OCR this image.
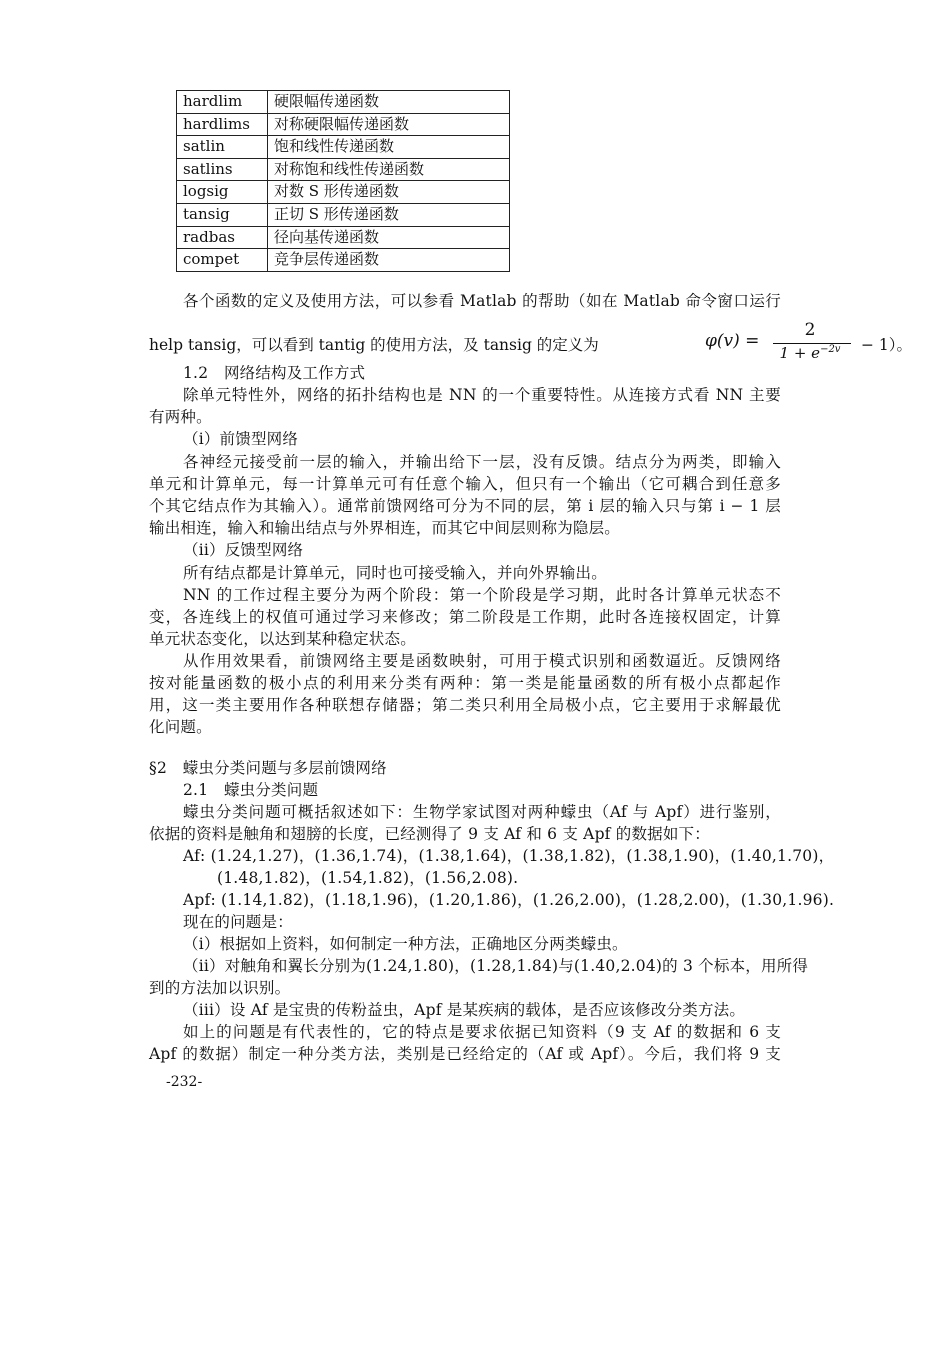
hardlim	硬限幅传递函数
hardlims	对称硬限幅传递函数
satlin	饱和线性传递函数
satlins	对称饱和线性传递函数
logsig	对数 S 形传递函数
tansig	正切 S 形传递函数
radbas	径向基传递函数
compet	竞争层传递函数
各个函数的定义及使用方法，可以参看 Matlab 的帮助（如在 Matlab 命令窗口运行
help tansig，可以看到 tantig 的使用方法，及 tansig 的定义为	φ(v) =
2
$1 + e^{-2v}$	− 1）。
1.2　网络结构及工作方式
除单元特性外，网络的拓扑结构也是 NN 的一个重要特性。从连接方式看 NN 主要
有两种。
（i）前馈型网络
各神经元接受前一层的输入，并输出给下一层，没有反馈。结点分为两类，即输入
单元和计算单元，每一计算单元可有任意个输入，但只有一个输出（它可耦合到任意多
个其它结点作为其输入）。通常前馈网络可分为不同的层，第 i 层的输入只与第 i − 1 层
输出相连，输入和输出结点与外界相连，而其它中间层则称为隐层。
（ii）反馈型网络
所有结点都是计算单元，同时也可接受输入，并向外界输出。
NN 的工作过程主要分为两个阶段：第一个阶段是学习期，此时各计算单元状态不
变，各连线上的权值可通过学习来修改；第二阶段是工作期，此时各连接权固定，计算
单元状态变化，以达到某种稳定状态。
从作用效果看，前馈网络主要是函数映射，可用于模式识别和函数逼近。反馈网络
按对能量函数的极小点的利用来分类有两种：第一类是能量函数的所有极小点都起作
用，这一类主要用作各种联想存储器；第二类只利用全局极小点，它主要用于求解最优
化问题。
§2　蠓虫分类问题与多层前馈网络
2.1　蠓虫分类问题
蠓虫分类问题可概括叙述如下：生物学家试图对两种蠓虫（Af 与 Apf）进行鉴别，
依据的资料是触角和翅膀的长度，已经测得了 9 支 Af 和 6 支 Apf 的数据如下：
Af: (1.24,1.27)，(1.36,1.74)，(1.38,1.64)，(1.38,1.82)，(1.38,1.90)，(1.40,1.70)，
(1.48,1.82)，(1.54,1.82)，(1.56,2.08).
Apf: (1.14,1.82)，(1.18,1.96)，(1.20,1.86)，(1.26,2.00)，(1.28,2.00)，(1.30,1.96).
现在的问题是：
（i）根据如上资料，如何制定一种方法，正确地区分两类蠓虫。
（ii）对触角和翼长分别为(1.24,1.80)，(1.28,1.84)与(1.40,2.04)的 3 个标本，用所得
到的方法加以识别。
（iii）设 Af 是宝贵的传粉益虫，Apf 是某疾病的载体，是否应该修改分类方法。
如上的问题是有代表性的，它的特点是要求依据已知资料（9 支 Af 的数据和 6 支
Apf 的数据）制定一种分类方法，类别是已经给定的（Af 或 Apf）。今后，我们将 9 支
-232-
